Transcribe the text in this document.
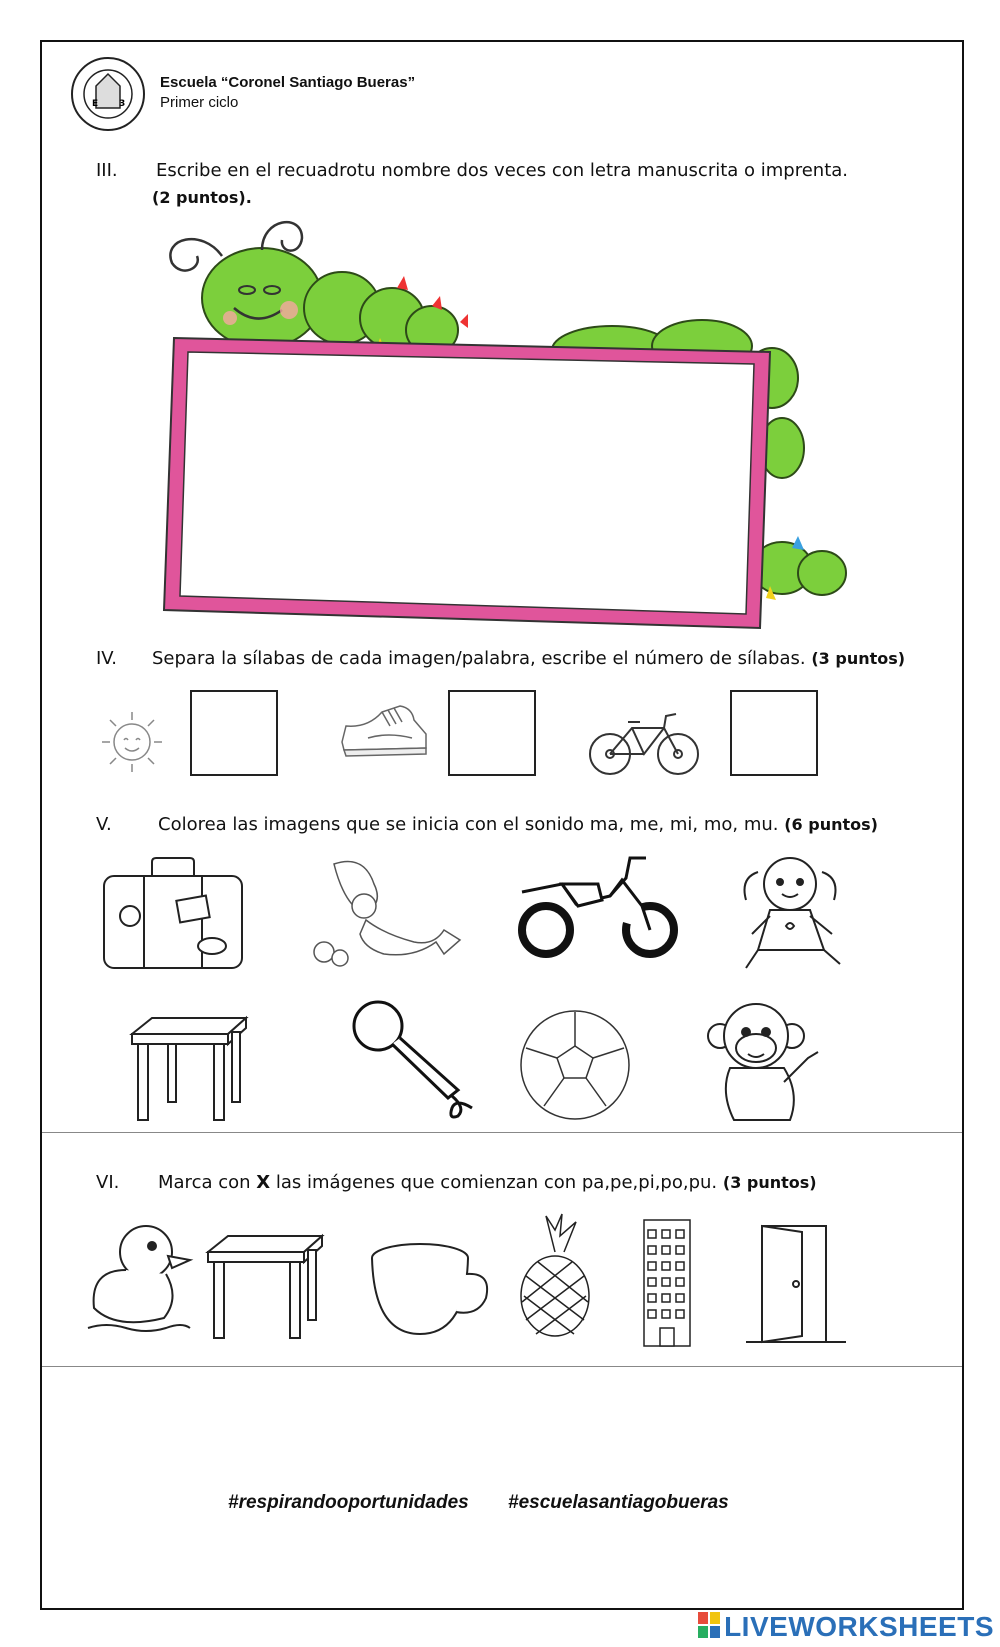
E 3
Escuela “Coronel Santiago Bueras”
Primer ciclo
III. Escribe en el recuadrotu nombre dos veces con letra manuscrita o imprenta.
(2 puntos).
IV. Separa la sílabas de cada imagen/palabra, escribe el número de sílabas. (3 puntos)
V.	Colorea las imagens que se inicia con el sonido ma, me, mi, mo, mu. (6 puntos)
VI. Marca con X las imágenes que comienzan con pa,pe,pi,po,pu. (3 puntos)
#respirandooportunidades #escuelasantiagobueras
LIVEWORKSHEETS
